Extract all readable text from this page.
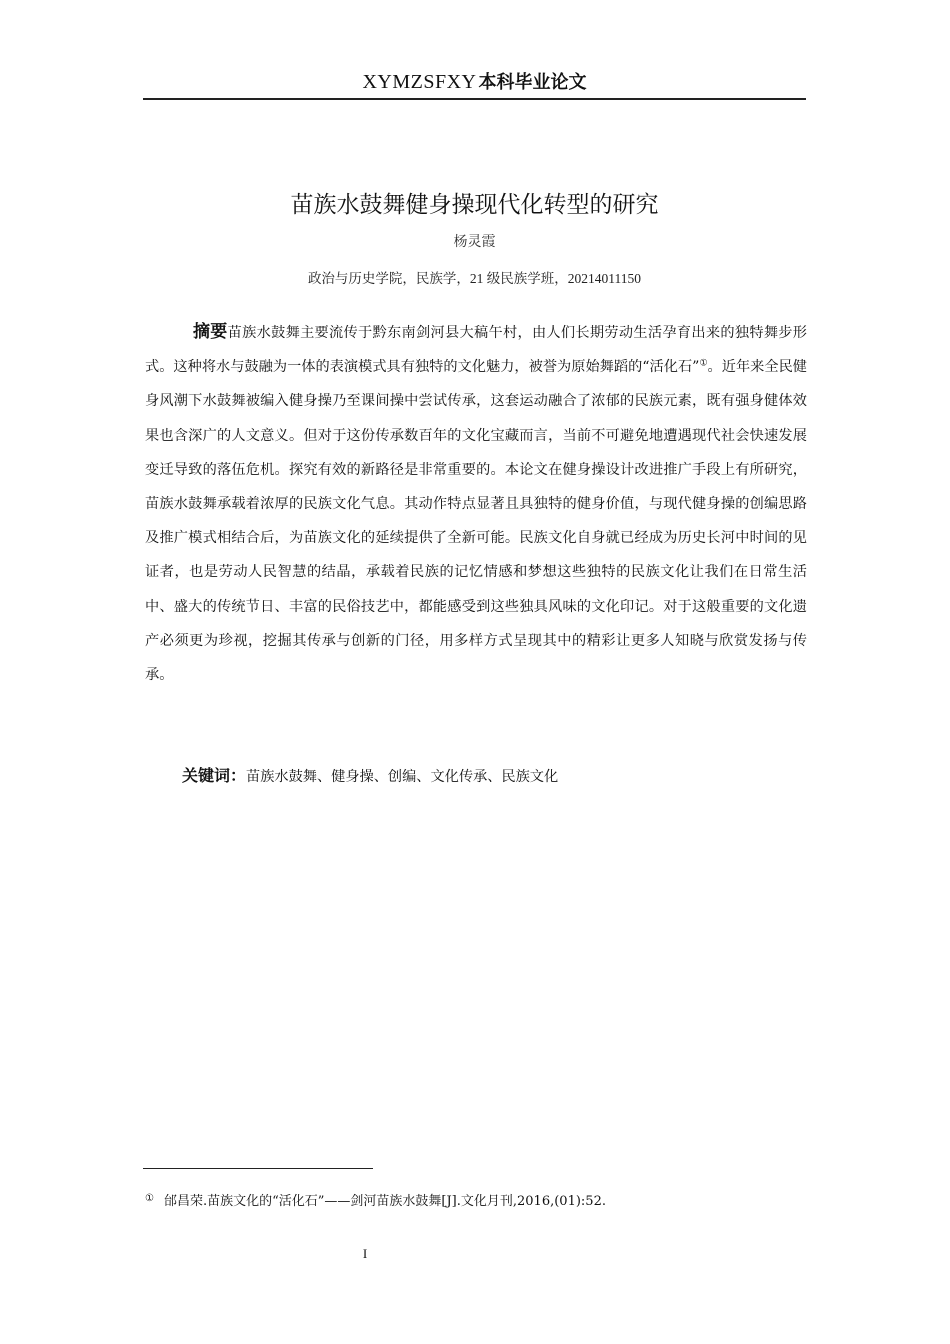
XYMZSFXY 本科毕业论文
苗族水鼓舞健身操现代化转型的研究
杨灵霞
政治与历史学院，民族学，21 级民族学班，20214011150
摘要苗族水鼓舞主要流传于黔东南剑河县大稿午村，由人们长期劳动生活孕育出来的独特舞步形式。这种将水与鼓融为一体的表演模式具有独特的文化魅力，被誉为原始舞蹈的“活化石”①。近年来全民健身风潮下水鼓舞被编入健身操乃至课间操中尝试传承，这套运动融合了浓郁的民族元素，既有强身健体效果也含深广的人文意义。但对于这份传承数百年的文化宝藏而言，当前不可避免地遭遇现代社会快速发展变迁导致的落伍危机。探究有效的新路径是非常重要的。本论文在健身操设计改进推广手段上有所研究， 苗族水鼓舞承载着浓厚的民族文化气息。其动作特点显著且具独特的健身价值，与现代健身操的创编思路及推广模式相结合后，为苗族文化的延续提供了全新可能。民族文化自身就已经成为历史长河中时间的见证者，也是劳动人民智慧的结晶，承载着民族的记忆情感和梦想这些独特的民族文化让我们在日常生活中、盛大的传统节日、丰富的民俗技艺中，都能感受到这些独具风味的文化印记。对于这般重要的文化遗产必须更为珍视，挖掘其传承与创新的门径，用多样方式呈现其中的精彩让更多人知晓与欣赏发扬与传承。
关键词：苗族水鼓舞、健身操、创编、文化传承、民族文化
① 邰昌荣.苗族文化的“活化石”——剑河苗族水鼓舞[J].文化月刊,2016,(01):52.
I
